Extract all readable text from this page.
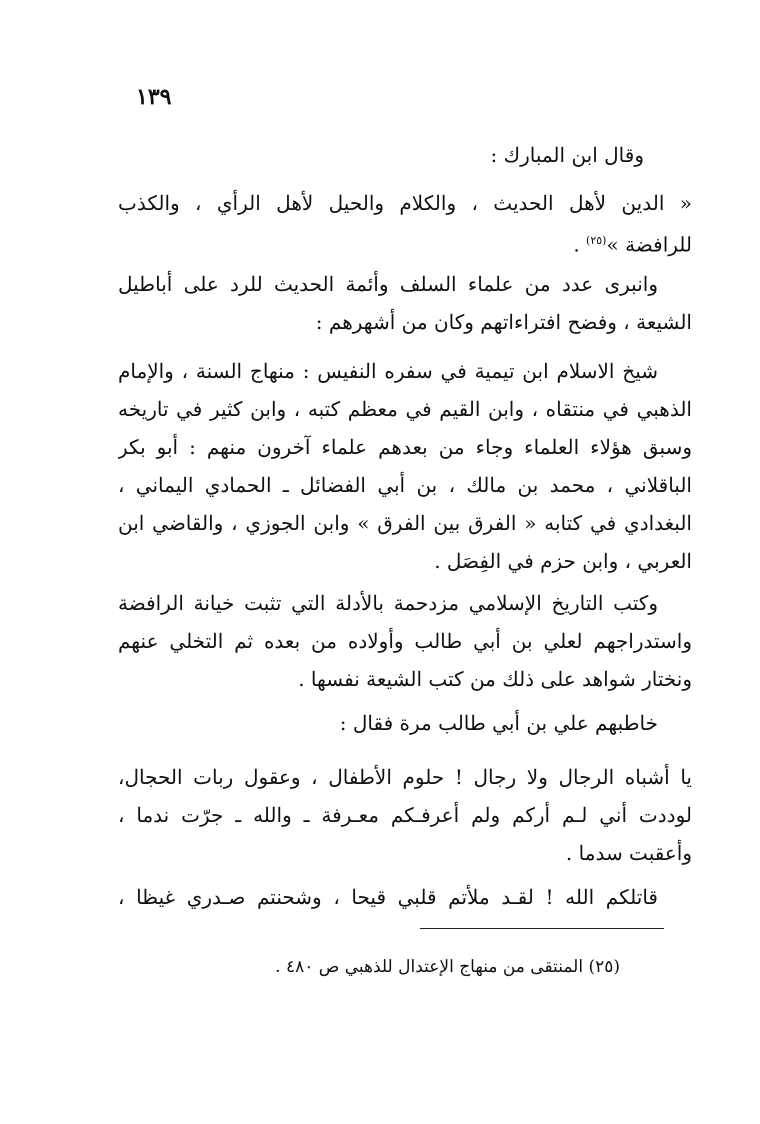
١٣٩
وقال ابن المبارك :
« الدين لأهل الحديث ، والكلام والحيل لأهل الرأي ، والكذب
للرافضة »$^{(٢٥)}$ .
وانبرى عدد من علماء السلف وأئمة الحديث للرد على أباطيل
الشيعة ، وفضح افتراءاتهم وكان من أشهرهم :
شيخ الاسلام ابن تيمية في سفره النفيس : منهاج السنة ، والإمام
الذهبي في منتقاه ، وابن القيم في معظم كتبه ، وابن كثير في تاريخه
وسبق هؤلاء العلماء وجاء من بعدهم علماء آخرون منهم : أبو بكر
الباقلاني ، محمد بن مالك ، بن أبي الفضائل ـ الحمادي اليماني ،
البغدادي في كتابه « الفرق بين الفرق » وابن الجوزي ، والقاضي ابن
العربي ، وابن حزم في الفِصَل .
وكتب التاريخ الإسلامي مزدحمة بالأدلة التي تثبت خيانة الرافضة
واستدراجهم لعلي بن أبي طالب وأولاده من بعده ثم التخلي عنهم
ونختار شواهد على ذلك من كتب الشيعة نفسها .
خاطبهم علي بن أبي طالب مرة فقال :
يا أشباه الرجال ولا رجال ! حلوم الأطفال ، وعقول ربات الحجال،
لوددت أني لـم أركم ولم أعرفـكم معـرفة ـ والله ـ جرّت ندما ،
وأعقبت سدما .
قاتلكم الله ! لقـد ملأتم قلبي قيحا ، وشحنتم صـدري غيظا ،
(٢٥) المنتقى من منهاج الإعتدال للذهبي ص ٤٨٠ .
